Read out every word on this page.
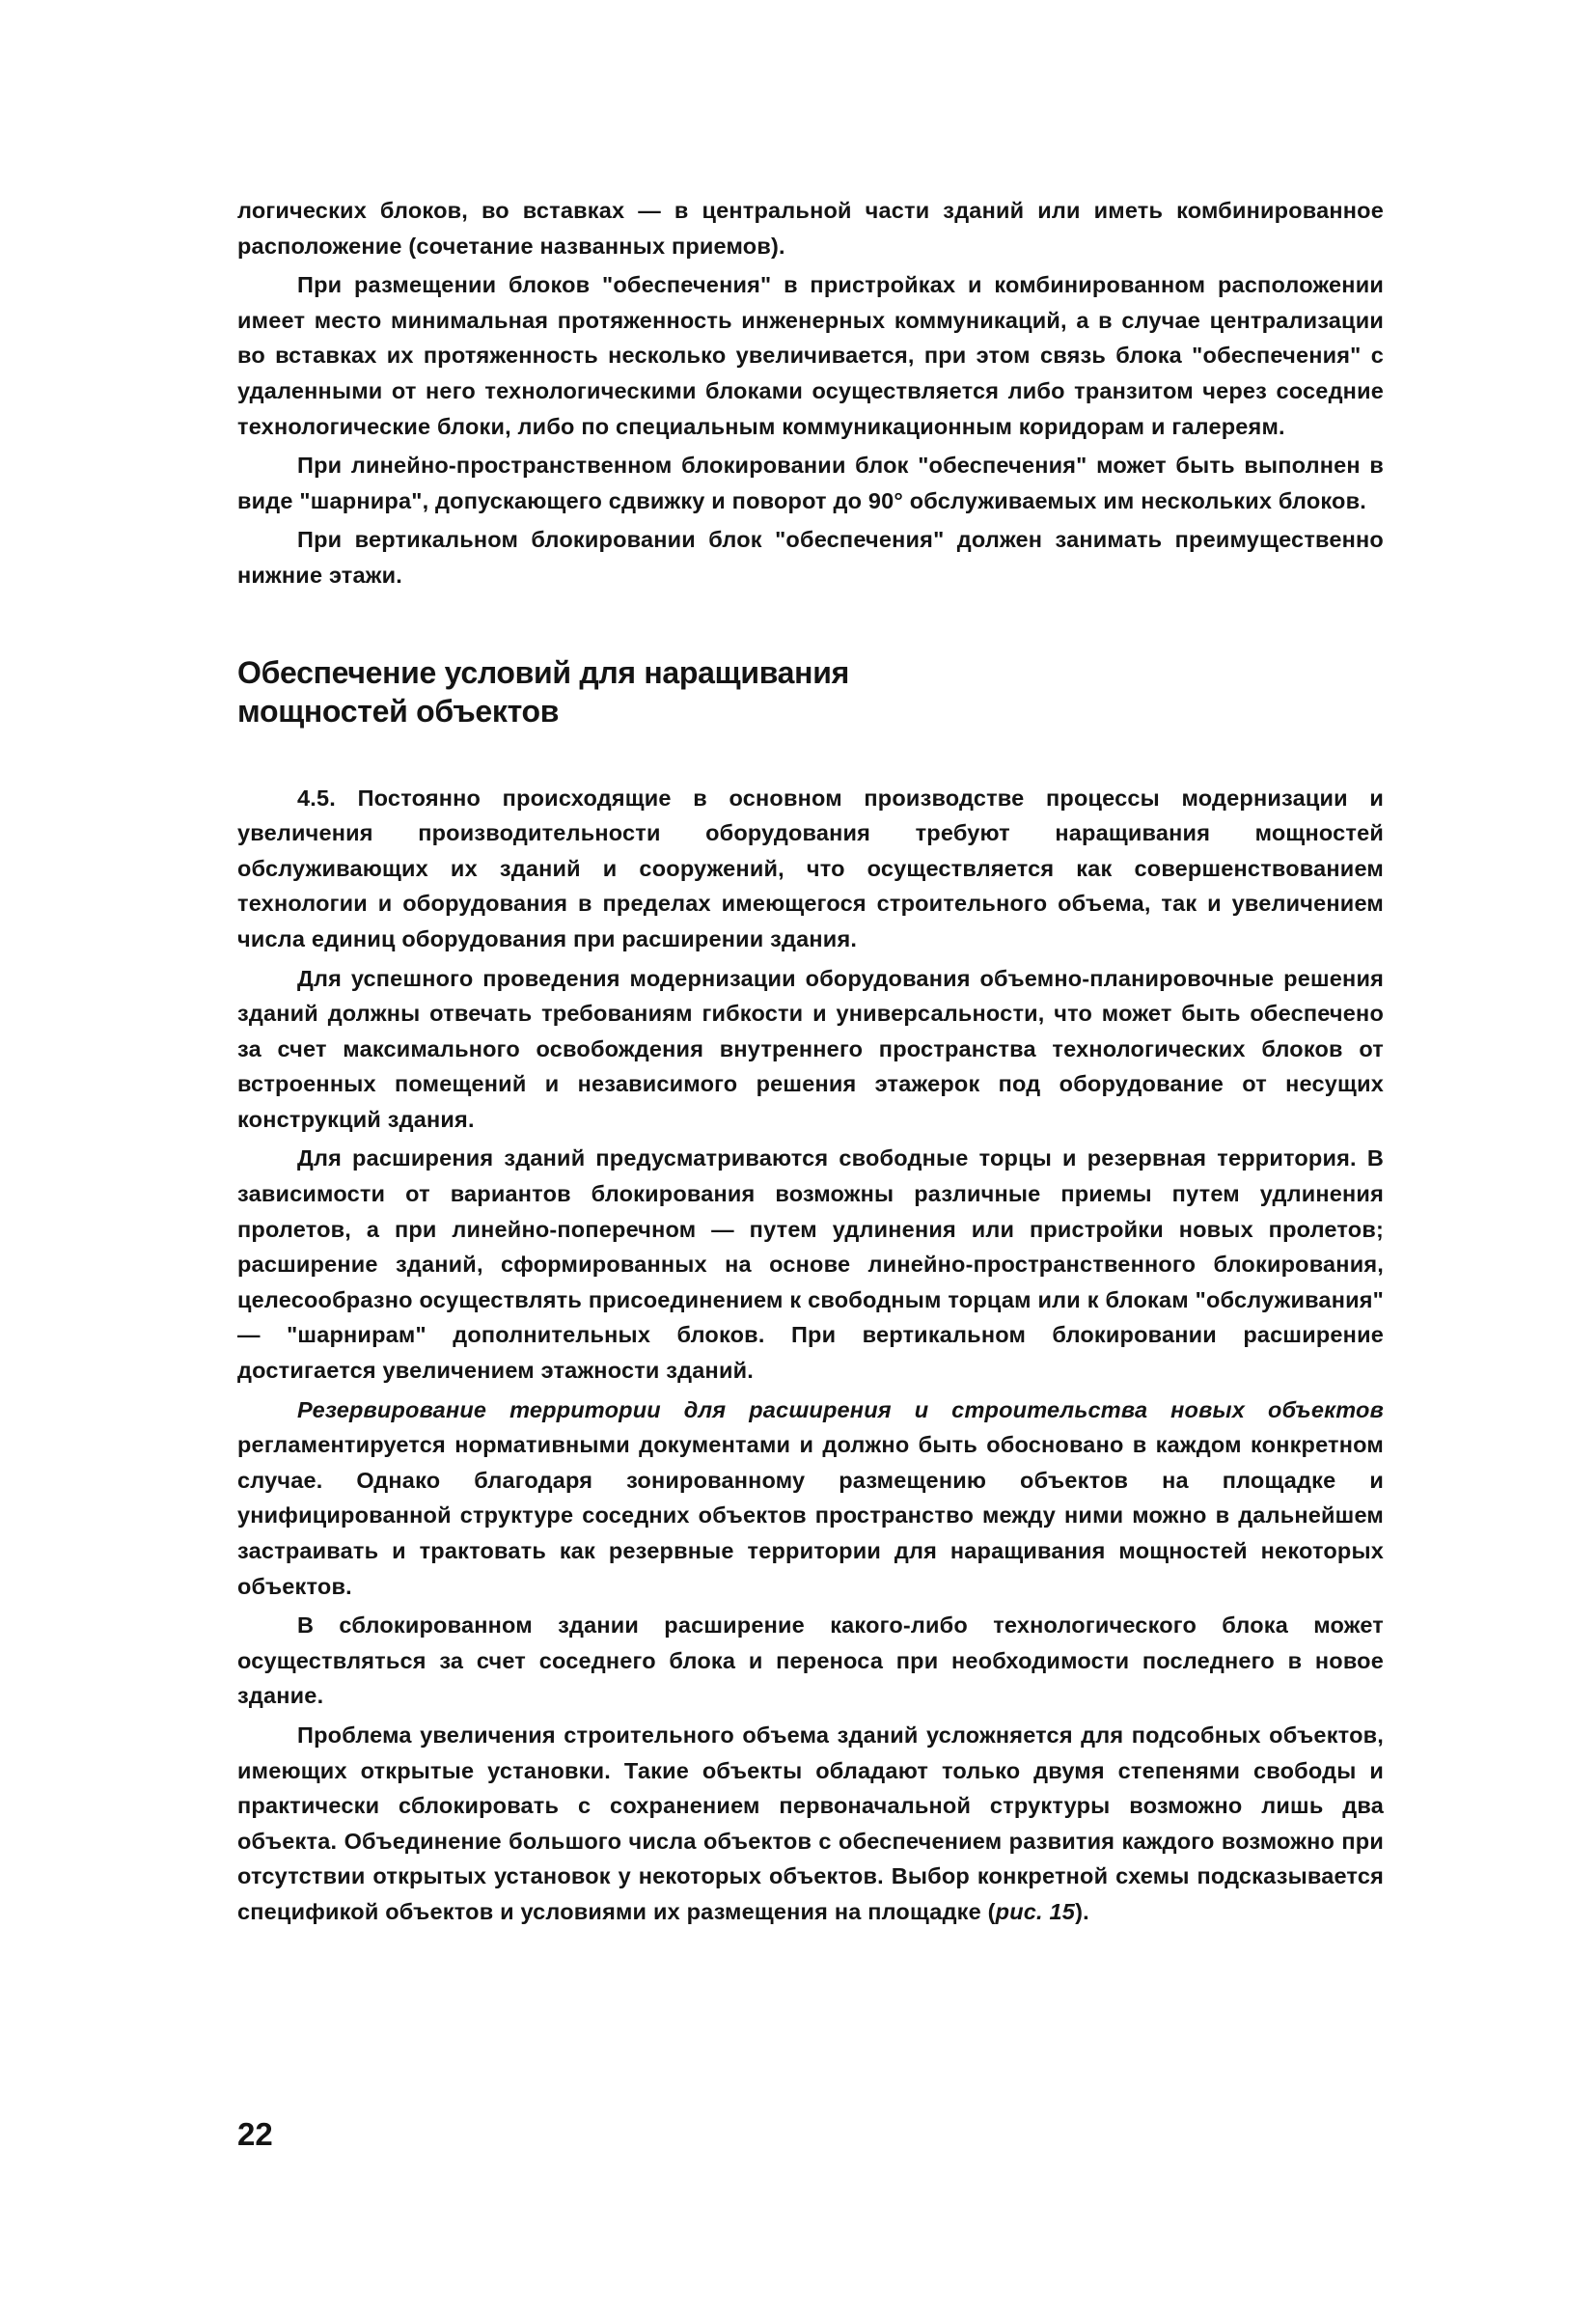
логических блоков, во вставках — в центральной части зданий или иметь комбинированное расположение (сочетание названных приемов).

При размещении блоков "обеспечения" в пристройках и комбинированном расположении имеет место минимальная протяженность инженерных коммуникаций, а в случае централизации во вставках их протяженность несколько увеличивается, при этом связь блока "обеспечения" с удаленными от него технологическими блоками осуществляется либо транзитом через соседние технологические блоки, либо по специальным коммуникационным коридорам и галереям.

При линейно-пространственном блокировании блок "обеспечения" может быть выполнен в виде "шарнира", допускающего сдвижку и поворот до 90° обслуживаемых им нескольких блоков.

При вертикальном блокировании блок "обеспечения" должен занимать преимущественно нижние этажи.

Обеспечение условий для наращивания мощностей объектов

4.5. Постоянно происходящие в основном производстве процессы модернизации и увеличения производительности оборудования требуют наращивания мощностей обслуживающих их зданий и сооружений, что осуществляется как совершенствованием технологии и оборудования в пределах имеющегося строительного объема, так и увеличением числа единиц оборудования при расширении здания.

Для успешного проведения модернизации оборудования объемно-планировочные решения зданий должны отвечать требованиям гибкости и универсальности, что может быть обеспечено за счет максимального освобождения внутреннего пространства технологических блоков от встроенных помещений и независимого решения этажерок под оборудование от несущих конструкций здания.

Для расширения зданий предусматриваются свободные торцы и резервная территория. В зависимости от вариантов блокирования возможны различные приемы путем удлинения пролетов, а при линейно-поперечном — путем удлинения или пристройки новых пролетов; расширение зданий, сформированных на основе линейно-пространственного блокирования, целесообразно осуществлять присоединением к свободным торцам или к блокам "обслуживания" — "шарнирам" дополнительных блоков. При вертикальном блокировании расширение достигается увеличением этажности зданий.

Резервирование территории для расширения и строительства новых объектов регламентируется нормативными документами и должно быть обосновано в каждом конкретном случае. Однако благодаря зонированному размещению объектов на площадке и унифицированной структуре соседних объектов пространство между ними можно в дальнейшем застраивать и трактовать как резервные территории для наращивания мощностей некоторых объектов.

В сблокированном здании расширение какого-либо технологического блока может осуществляться за счет соседнего блока и переноса при необходимости последнего в новое здание.

Проблема увеличения строительного объема зданий усложняется для подсобных объектов, имеющих открытые установки. Такие объекты обладают только двумя степенями свободы и практически сблокировать с сохранением первоначальной структуры возможно лишь два объекта. Объединение большого числа объектов с обеспечением развития каждого возможно при отсутствии открытых установок у некоторых объектов. Выбор конкретной схемы подсказывается спецификой объектов и условиями их размещения на площадке (рис. 15).

22
